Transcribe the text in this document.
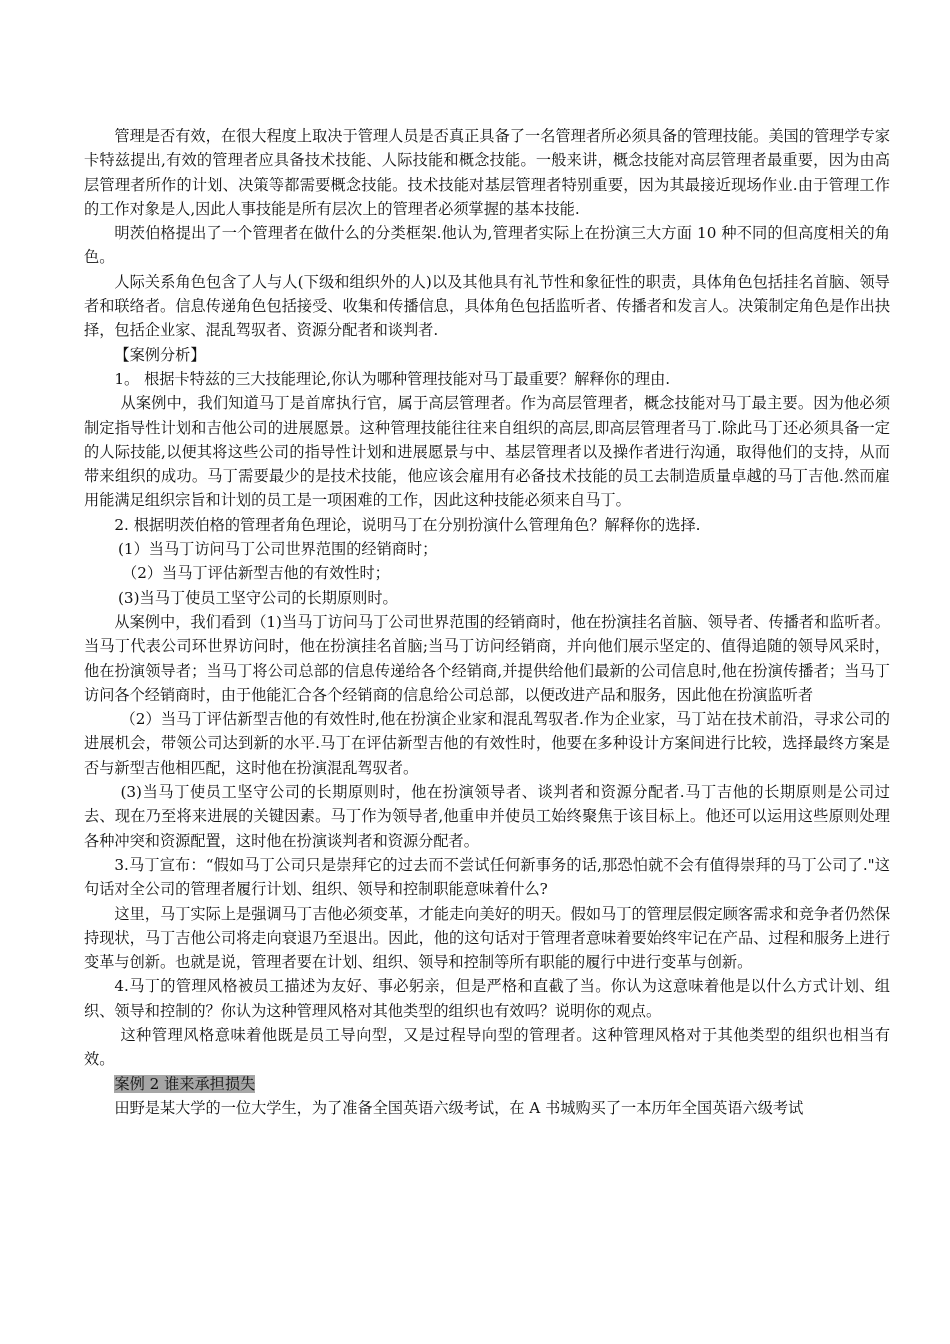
管理是否有效，在很大程度上取决于管理人员是否真正具备了一名管理者所必须具备的管理技能。美国的管理学专家卡特兹提出,有效的管理者应具备技术技能、人际技能和概念技能。一般来讲，概念技能对高层管理者最重要，因为由高层管理者所作的计划、决策等都需要概念技能。技术技能对基层管理者特别重要，因为其最接近现场作业.由于管理工作的工作对象是人,因此人事技能是所有层次上的管理者必须掌握的基本技能.

明茨伯格提出了一个管理者在做什么的分类框架.他认为,管理者实际上在扮演三大方面 10 种不同的但高度相关的角色。

人际关系角色包含了人与人(下级和组织外的人)以及其他具有礼节性和象征性的职责，具体角色包括挂名首脑、领导者和联络者。信息传递角色包括接受、收集和传播信息，具体角色包括监听者、传播者和发言人。决策制定角色是作出抉择，包括企业家、混乱驾驭者、资源分配者和谈判者.

【案例分析】

1。 根据卡特兹的三大技能理论,你认为哪种管理技能对马丁最重要？解释你的理由.

从案例中，我们知道马丁是首席执行官，属于高层管理者。作为高层管理者，概念技能对马丁最主要。因为他必须制定指导性计划和吉他公司的进展愿景。这种管理技能往往来自组织的高层,即高层管理者马丁.除此马丁还必须具备一定的人际技能,以便其将这些公司的指导性计划和进展愿景与中、基层管理者以及操作者进行沟通，取得他们的支持，从而带来组织的成功。马丁需要最少的是技术技能，他应该会雇用有必备技术技能的员工去制造质量卓越的马丁吉他.然而雇用能满足组织宗旨和计划的员工是一项困难的工作，因此这种技能必须来自马丁。

2. 根据明茨伯格的管理者角色理论，说明马丁在分别扮演什么管理角色？解释你的选择.

(1）当马丁访问马丁公司世界范围的经销商时；

（2）当马丁评估新型吉他的有效性时；

(3)当马丁使员工坚守公司的长期原则时。

从案例中，我们看到（1)当马丁访问马丁公司世界范围的经销商时，他在扮演挂名首脑、领导者、传播者和监听者。当马丁代表公司环世界访问时，他在扮演挂名首脑;当马丁访问经销商，并向他们展示坚定的、值得追随的领导风采时，他在扮演领导者；当马丁将公司总部的信息传递给各个经销商,并提供给他们最新的公司信息时,他在扮演传播者；当马丁访问各个经销商时，由于他能汇合各个经销商的信息给公司总部，以便改进产品和服务，因此他在扮演监听者

（2）当马丁评估新型吉他的有效性时,他在扮演企业家和混乱驾驭者.作为企业家，马丁站在技术前沿，寻求公司的进展机会，带领公司达到新的水平.马丁在评估新型吉他的有效性时，他要在多种设计方案间进行比较，选择最终方案是否与新型吉他相匹配，这时他在扮演混乱驾驭者。

(3)当马丁使员工坚守公司的长期原则时，他在扮演领导者、谈判者和资源分配者.马丁吉他的长期原则是公司过去、现在乃至将来进展的关键因素。马丁作为领导者,他重申并使员工始终聚焦于该目标上。他还可以运用这些原则处理各种冲突和资源配置，这时他在扮演谈判者和资源分配者。

3.马丁宣布：“假如马丁公司只是崇拜它的过去而不尝试任何新事务的话,那恐怕就不会有值得崇拜的马丁公司了."这句话对全公司的管理者履行计划、组织、领导和控制职能意味着什么?

这里，马丁实际上是强调马丁吉他必须变革，才能走向美好的明天。假如马丁的管理层假定顾客需求和竞争者仍然保持现状，马丁吉他公司将走向衰退乃至退出。因此，他的这句话对于管理者意味着要始终牢记在产品、过程和服务上进行变革与创新。也就是说，管理者要在计划、组织、领导和控制等所有职能的履行中进行变革与创新。

4.马丁的管理风格被员工描述为友好、事必躬亲，但是严格和直截了当。你认为这意味着他是以什么方式计划、组织、领导和控制的？你认为这种管理风格对其他类型的组织也有效吗？说明你的观点。

这种管理风格意味着他既是员工导向型，又是过程导向型的管理者。这种管理风格对于其他类型的组织也相当有效。

案例 2 谁来承担损失

田野是某大学的一位大学生，为了准备全国英语六级考试，在 A 书城购买了一本历年全国英语六级考试
